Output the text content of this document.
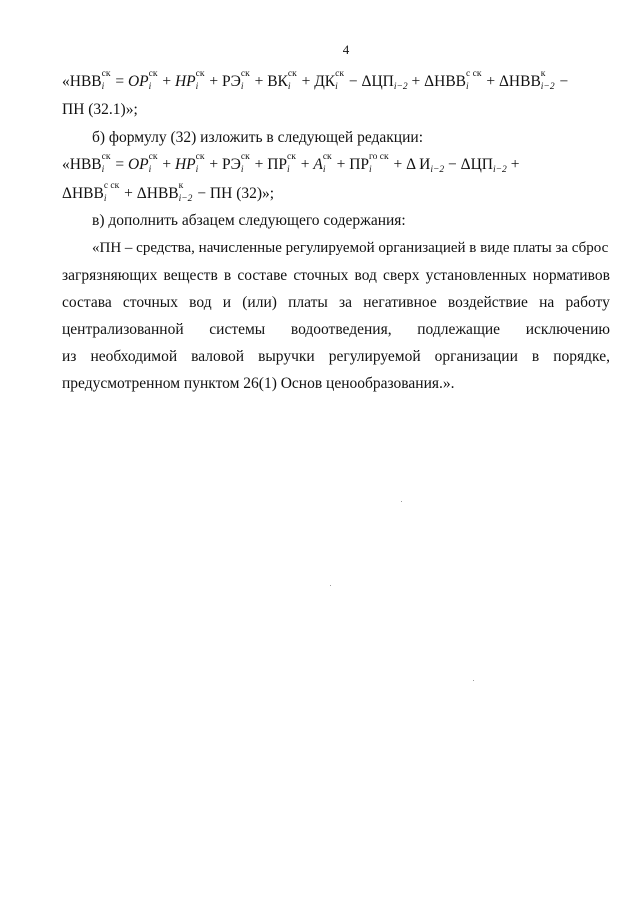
4
«НВВ ск
i = ОР ск
i + НР ск
i + РЭ ск
i + ВК ск
i + ДК ск
$i - \Delta ЦП_{i-2} + \Delta НВВ$ с ск
i + ΔНВВ к
i−2 −
ПН (32.1)»;
б) формулу (32) изложить в следующей редакции:
«НВВ ск
i = ОР ск
i + НР ск
i + РЭ ск
i + ПР ск
i + А ск
i + ПР го ск
i	+ Δ $И_{i-2} - \Delta ЦП_{i-2}$ +
ΔНВВ с ск
i + ΔНВВ к
i−2 − ПН (32)»;
в) дополнить абзацем следующего содержания:
«ПН – средства, начисленные регулируемой организацией в виде платы за сброс
загрязняющих веществ в составе сточных вод сверх установленных нормативов
состава сточных вод и (или) платы за негативное воздействие на работу
централизованной системы водоотведения, подлежащие исключению
из необходимой валовой выручки регулируемой организации в порядке,
предусмотренном пунктом 26(1) Основ ценообразования.».
